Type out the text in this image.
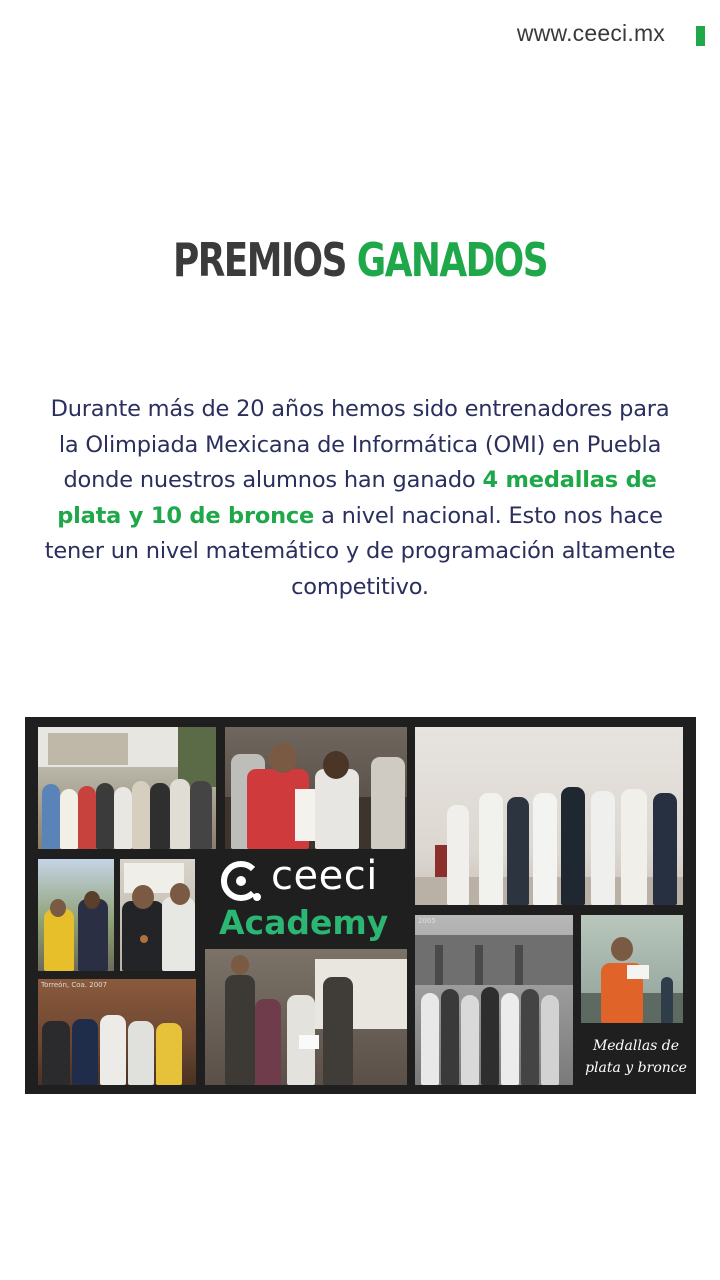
www.ceeci.mx
PREMIOS GANADOS
Durante más de 20 años hemos sido entrenadores para la Olimpiada Mexicana de Informática (OMI) en Puebla donde nuestros alumnos han ganado 4 medallas de plata y 10 de bronce a nivel nacional. Esto nos hace tener un nivel matemático y de programación altamente competitivo.
ceeci
Academy
Torreón, Coa. 2007
2005
Medallas de
plata y bronce
